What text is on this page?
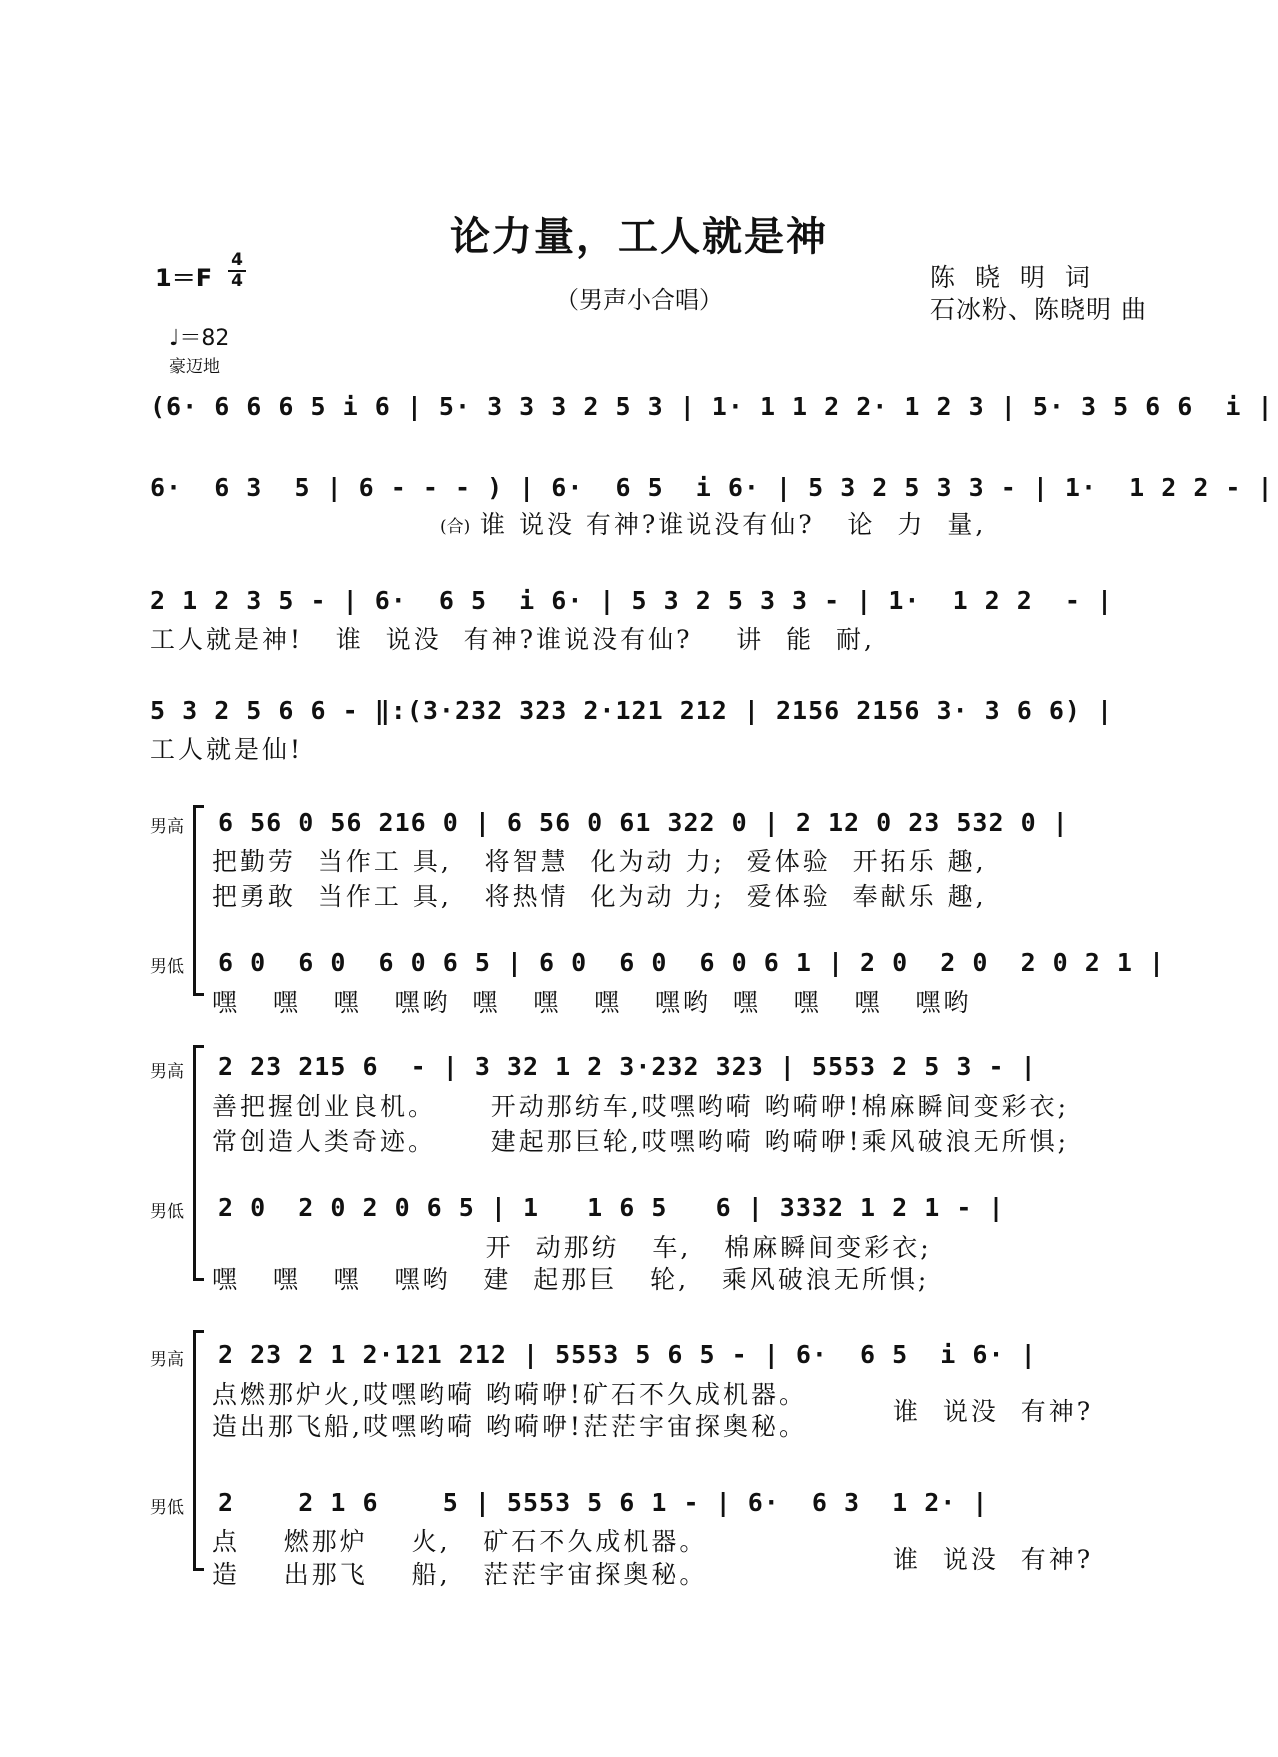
论力量，工人就是神
1＝F
4
4

♩＝82
豪迈地

（男声小合唱）
陈 晓 明 词
石冰粉、陈晓明 曲
(6· 6 6 6 5 i 6 | 5· 3 3 3 2 5 3 | 1· 1 1 2 2· 1 2 3 | 5· 3 5 6 6  i |
6·  6 3  5 | 6 - - - ) | 6·  6 5  i 6· | 5 3 2 5 3 3 - | 1·  1 2 2 - |
(合) 谁 说没 有神?谁说没有仙?   论  力  量,
2 1 2 3 5 - | 6·  6 5  i 6· | 5 3 2 5 3 3 - | 1·  1 2 2  - |
工人就是神!   谁  说没  有神?谁说没有仙?    讲  能  耐,
5 3 2 5 6 6 - ‖:(3·232 323 2·121 212 | 2156 2156 3· 3 6 6) |
工人就是仙!
男高 6 56 0 56 216 0 | 6 56 0 61 322 0 | 2 12 0 23 532 0 |
把勤劳  当作工 具,   将智慧  化为动 力;  爱体验  开拓乐 趣,
把勇敢  当作工 具,   将热情  化为动 力;  爱体验  奉献乐 趣,
男低 6 0  6 0  6 0 6 5 | 6 0  6 0  6 0 6 1 | 2 0  2 0  2 0 2 1 |
嘿   嘿   嘿   嘿哟  嘿   嘿   嘿   嘿哟  嘿   嘿   嘿   嘿哟
男高 2 23 215 6  - | 3 32 1 2 3·232 323 | 5553 2 5 3 - |
善把握创业良机。     开动那纺车,哎嘿哟嗬 哟嗬咿!棉麻瞬间变彩衣;
常创造人类奇迹。     建起那巨轮,哎嘿哟嗬 哟嗬咿!乘风破浪无所惧;
男低 2 0  2 0 2 0 6 5 | 1   1 6 5   6 | 3332 1 2 1 - |
开  动那纺   车,   棉麻瞬间变彩衣;
嘿   嘿   嘿   嘿哟   建  起那巨   轮,   乘风破浪无所惧;
男高 2 23 2 1 2·121 212 | 5553 5 6 5 - | 6·  6 5  i 6· |
点燃那炉火,哎嘿哟嗬 哟嗬咿!矿石不久成机器。
造出那飞船,哎嘿哟嗬 哟嗬咿!茫茫宇宙探奥秘。
谁  说没  有神?
男低 2    2 1 6    5 | 5553 5 6 1 - | 6·  6 3  1 2· |
点    燃那炉    火,   矿石不久成机器。
造    出那飞    船,   茫茫宇宙探奥秘。
谁  说没  有神?
